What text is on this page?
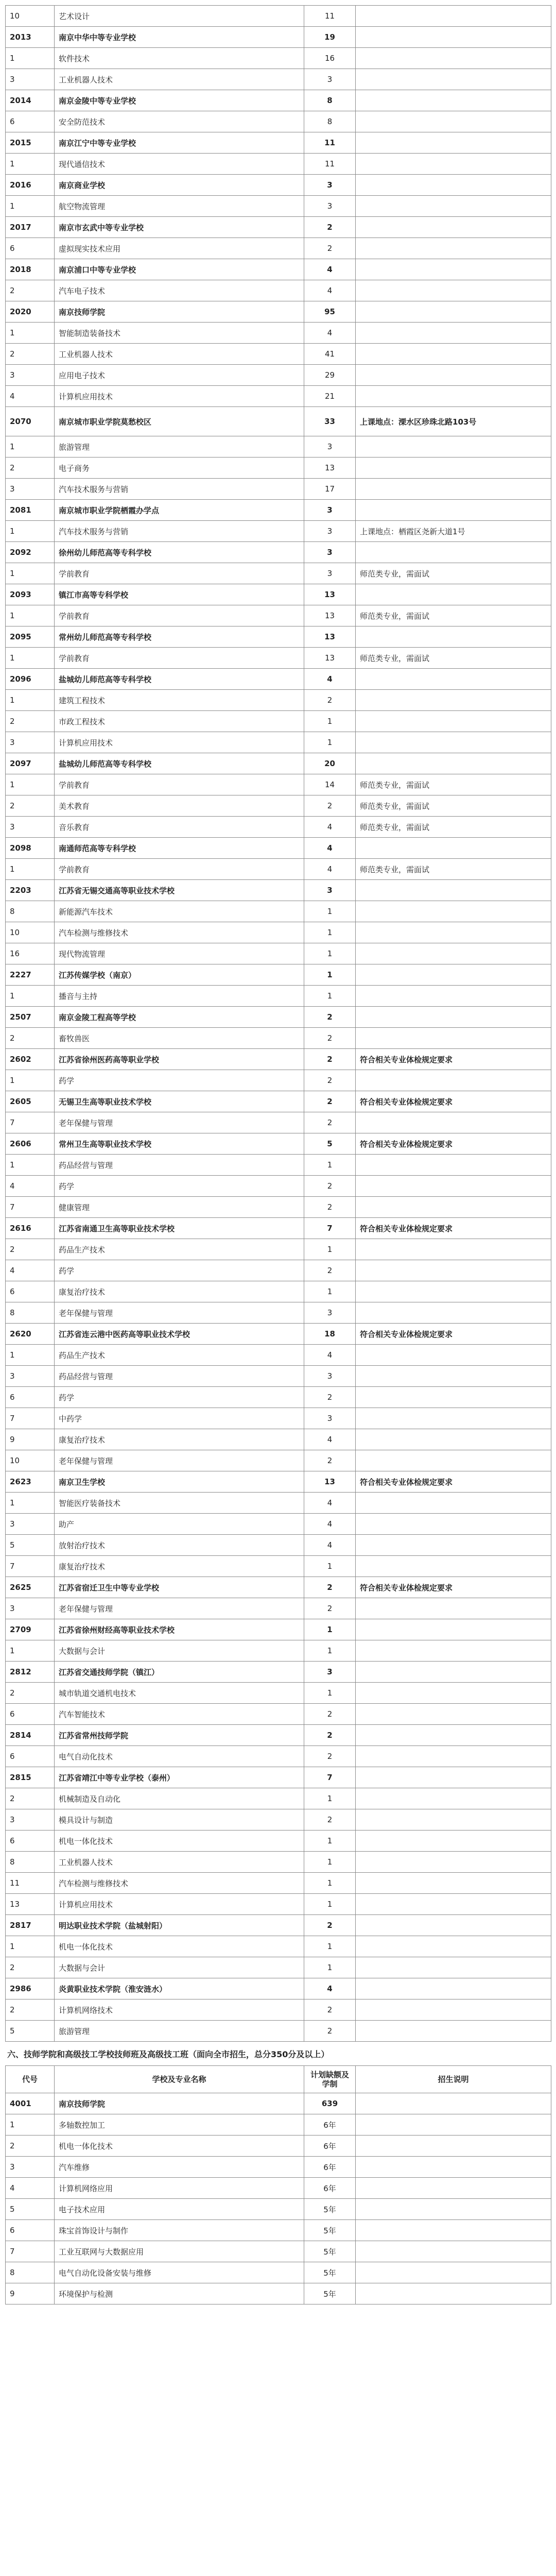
10	艺术设计	11	
2013	南京中华中等专业学校	19	
1	软件技术	16	
3	工业机器人技术	3	
2014	南京金陵中等专业学校	8	
6	安全防范技术	8	
2015	南京江宁中等专业学校	11	
1	现代通信技术	11	
2016	南京商业学校	3	
1	航空物流管理	3	
2017	南京市玄武中等专业学校	2	
6	虚拟现实技术应用	2	
2018	南京浦口中等专业学校	4	
2	汽车电子技术	4	
2020	南京技师学院	95	
1	智能制造装备技术	4	
2	工业机器人技术	41	
3	应用电子技术	29	
4	计算机应用技术	21	
2070	南京城市职业学院莫愁校区	33	上课地点：溧水区珍珠北路103号
1	旅游管理	3	
2	电子商务	13	
3	汽车技术服务与营销	17	
2081	南京城市职业学院栖霞办学点	3	
1	汽车技术服务与营销	3	上课地点：栖霞区尧新大道1号
2092	徐州幼儿师范高等专科学校	3	
1	学前教育	3	师范类专业，需面试
2093	镇江市高等专科学校	13	
1	学前教育	13	师范类专业，需面试
2095	常州幼儿师范高等专科学校	13	
1	学前教育	13	师范类专业，需面试
2096	盐城幼儿师范高等专科学校	4	
1	建筑工程技术	2	
2	市政工程技术	1	
3	计算机应用技术	1	
2097	盐城幼儿师范高等专科学校	20	
1	学前教育	14	师范类专业，需面试
2	美术教育	2	师范类专业，需面试
3	音乐教育	4	师范类专业，需面试
2098	南通师范高等专科学校	4	
1	学前教育	4	师范类专业，需面试
2203	江苏省无锡交通高等职业技术学校	3	
8	新能源汽车技术	1	
10	汽车检测与维修技术	1	
16	现代物流管理	1	
2227	江苏传媒学校（南京）	1	
1	播音与主持	1	
2507	南京金陵工程高等学校	2	
2	畜牧兽医	2	
2602	江苏省徐州医药高等职业学校	2	符合相关专业体检规定要求
1	药学	2	
2605	无锡卫生高等职业技术学校	2	符合相关专业体检规定要求
7	老年保健与管理	2	
2606	常州卫生高等职业技术学校	5	符合相关专业体检规定要求
1	药品经营与管理	1	
4	药学	2	
7	健康管理	2	
2616	江苏省南通卫生高等职业技术学校	7	符合相关专业体检规定要求
2	药品生产技术	1	
4	药学	2	
6	康复治疗技术	1	
8	老年保健与管理	3	
2620	江苏省连云港中医药高等职业技术学校	18	符合相关专业体检规定要求
1	药品生产技术	4	
3	药品经营与管理	3	
6	药学	2	
7	中药学	3	
9	康复治疗技术	4	
10	老年保健与管理	2	
2623	南京卫生学校	13	符合相关专业体检规定要求
1	智能医疗装备技术	4	
3	助产	4	
5	放射治疗技术	4	
7	康复治疗技术	1	
2625	江苏省宿迁卫生中等专业学校	2	符合相关专业体检规定要求
3	老年保健与管理	2	
2709	江苏省徐州财经高等职业技术学校	1	
1	大数据与会计	1	
2812	江苏省交通技师学院（镇江）	3	
2	城市轨道交通机电技术	1	
6	汽车智能技术	2	
2814	江苏省常州技师学院	2	
6	电气自动化技术	2	
2815	江苏省靖江中等专业学校（泰州）	7	
2	机械制造及自动化	1	
3	模具设计与制造	2	
6	机电一体化技术	1	
8	工业机器人技术	1	
11	汽车检测与维修技术	1	
13	计算机应用技术	1	
2817	明达职业技术学院（盐城射阳）	2	
1	机电一体化技术	1	
2	大数据与会计	1	
2986	炎黄职业技术学院（淮安涟水）	4	
2	计算机网络技术	2	
5	旅游管理	2	
六、技师学院和高级技工学校技师班及高级技工班（面向全市招生，总分350分及以上）
代号	学校及专业名称	计划缺额及学制	招生说明
4001	南京技师学院	639	
1	多轴数控加工	6年	
2	机电一体化技术	6年	
3	汽车维修	6年	
4	计算机网络应用	6年	
5	电子技术应用	5年	
6	珠宝首饰设计与制作	5年	
7	工业互联网与大数据应用	5年	
8	电气自动化设备安装与维修	5年	
9	环境保护与检测	5年	
